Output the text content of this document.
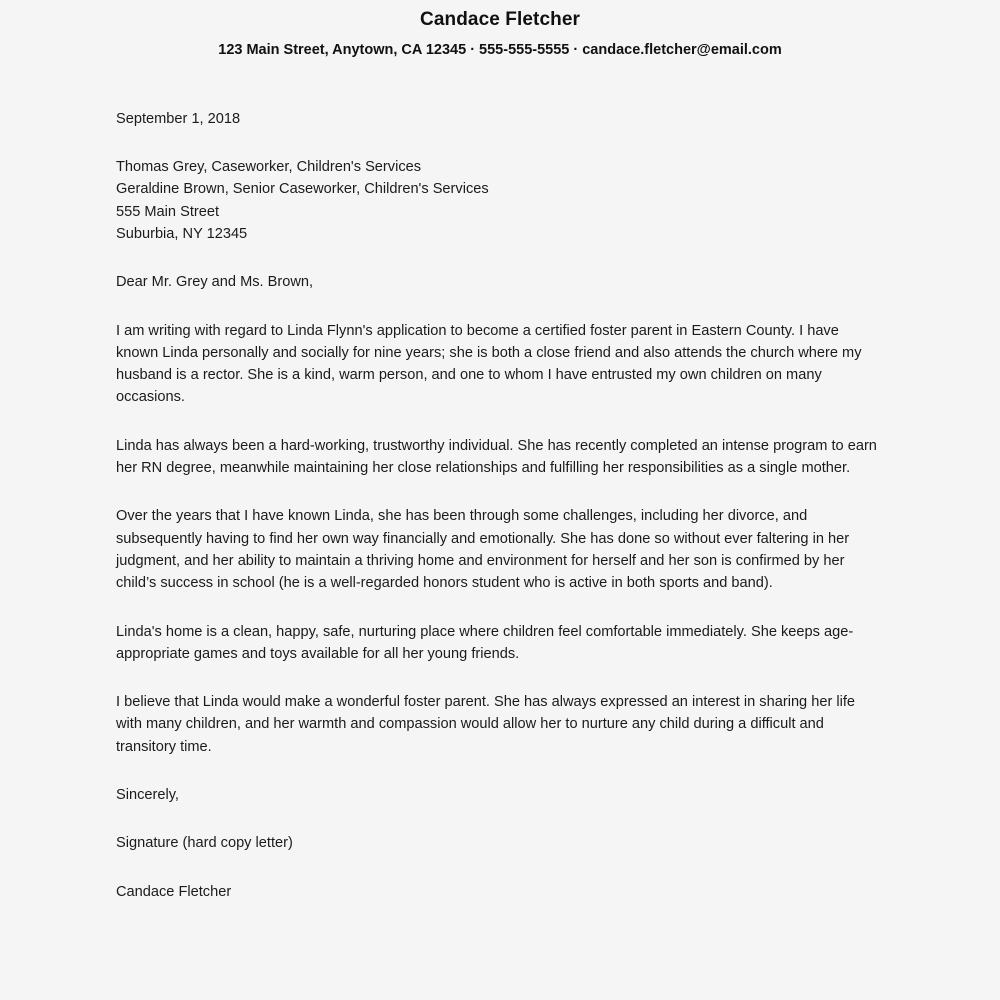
Candace Fletcher
123 Main Street, Anytown, CA 12345 · 555-555-5555 · candace.fletcher@email.com
September 1, 2018
Thomas Grey, Caseworker, Children's Services
Geraldine Brown, Senior Caseworker, Children's Services
555 Main Street
Suburbia, NY 12345
Dear Mr. Grey and Ms. Brown,

I am writing with regard to Linda Flynn's application to become a certified foster parent in Eastern County. I have known Linda personally and socially for nine years; she is both a close friend and also attends the church where my husband is a rector. She is a kind, warm person, and one to whom I have entrusted my own children on many occasions.

Linda has always been a hard-working, trustworthy individual. She has recently completed an intense program to earn her RN degree, meanwhile maintaining her close relationships and fulfilling her responsibilities as a single mother.

Over the years that I have known Linda, she has been through some challenges, including her divorce, and subsequently having to find her own way financially and emotionally. She has done so without ever faltering in her judgment, and her ability to maintain a thriving home and environment for herself and her son is confirmed by her child’s success in school (he is a well-regarded honors student who is active in both sports and band).

Linda's home is a clean, happy, safe, nurturing place where children feel comfortable immediately. She keeps age-appropriate games and toys available for all her young friends.

I believe that Linda would make a wonderful foster parent. She has always expressed an interest in sharing her life with many children, and her warmth and compassion would allow her to nurture any child during a difficult and transitory time.

Sincerely,
Signature (hard copy letter)
Candace Fletcher
